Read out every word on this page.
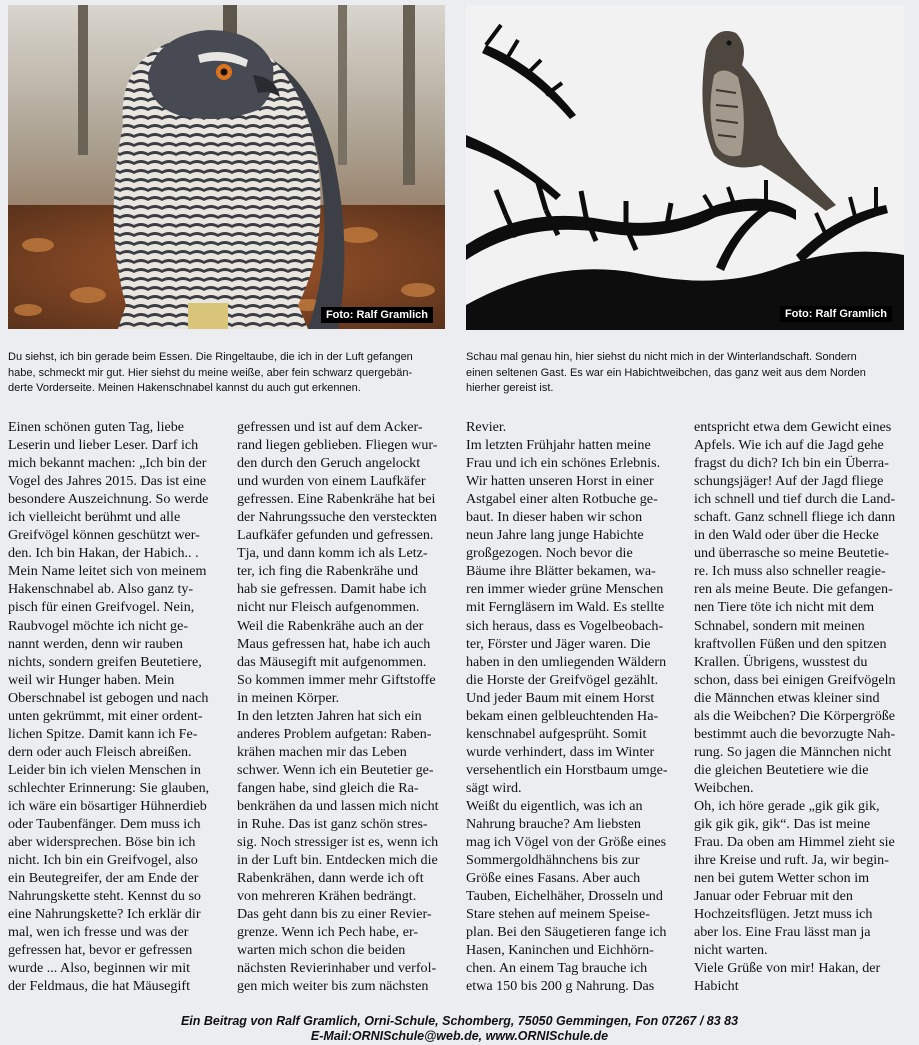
Foto: Ralf Gramlich	Foto: Ralf Gramlich
Du siehst, ich bin gerade beim Essen. Die Ringeltaube, die ich in der Luft gefangen
habe, schmeckt mir gut. Hier siehst du meine weiße, aber fein schwarz quergebän-
derte Vorderseite. Meinen Hakenschnabel kannst du auch gut erkennen.
Schau mal genau hin, hier siehst du nicht mich in der Winterlandschaft. Sondern
einen seltenen Gast. Es war ein Habichtweibchen, das ganz weit aus dem Norden
hierher gereist ist.
Einen schönen guten Tag, liebe
Leserin und lieber Leser. Darf ich
mich bekannt machen: „Ich bin der
Vogel des Jahres 2015. Das ist eine
besondere Auszeichnung. So werde
ich vielleicht berühmt und alle
Greifvögel können geschützt wer-
den. Ich bin Hakan, der Habich.. .
Mein Name leitet sich von meinem
Hakenschnabel ab. Also ganz ty-
pisch für einen Greifvogel. Nein,
Raubvogel möchte ich nicht ge-
nannt werden, denn wir rauben
nichts, sondern greifen Beutetiere,
weil wir Hunger haben. Mein
Oberschnabel ist gebogen und nach
unten gekrümmt, mit einer ordent-
lichen Spitze. Damit kann ich Fe-
dern oder auch Fleisch abreißen.
Leider bin ich vielen Menschen in
schlechter Erinnerung: Sie glauben,
ich wäre ein bösartiger Hühnerdieb
oder Taubenfänger. Dem muss ich
aber widersprechen. Böse bin ich
nicht. Ich bin ein Greifvogel, also
ein Beutegreifer, der am Ende der
Nahrungskette steht. Kennst du so
eine Nahrungskette? Ich erklär dir
mal, wen ich fresse und was der
gefressen hat, bevor er gefressen
wurde ... Also, beginnen wir mit
der Feldmaus, die hat Mäusegift
gefressen und ist auf dem Acker-
rand liegen geblieben. Fliegen wur-
den durch den Geruch angelockt
und wurden von einem Laufkäfer
gefressen. Eine Rabenkrähe hat bei
der Nahrungssuche den versteckten
Laufkäfer gefunden und gefressen.
Tja, und dann komm ich als Letz-
ter, ich fing die Rabenkrähe und
hab sie gefressen. Damit habe ich
nicht nur Fleisch aufgenommen.
Weil die Rabenkrähe auch an der
Maus gefressen hat, habe ich auch
das Mäusegift mit aufgenommen.
So kommen immer mehr Giftstoffe
in meinen Körper.
In den letzten Jahren hat sich ein
anderes Problem aufgetan: Raben-
krähen machen mir das Leben
schwer. Wenn ich ein Beutetier ge-
fangen habe, sind gleich die Ra-
benkrähen da und lassen mich nicht
in Ruhe. Das ist ganz schön stres-
sig. Noch stressiger ist es, wenn ich
in der Luft bin. Entdecken mich die
Rabenkrähen, dann werde ich oft
von mehreren Krähen bedrängt.
Das geht dann bis zu einer Revier-
grenze. Wenn ich Pech habe, er-
warten mich schon die beiden
nächsten Revierinhaber und verfol-
gen mich weiter bis zum nächsten
Revier.
Im letzten Frühjahr hatten meine
Frau und ich ein schönes Erlebnis.
Wir hatten unseren Horst in einer
Astgabel einer alten Rotbuche ge-
baut. In dieser haben wir schon
neun Jahre lang junge Habichte
großgezogen. Noch bevor die
Bäume ihre Blätter bekamen, wa-
ren immer wieder grüne Menschen
mit Ferngläsern im Wald. Es stellte
sich heraus, dass es Vogelbeobach-
ter, Förster und Jäger waren. Die
haben in den umliegenden Wäldern
die Horste der Greifvögel gezählt.
Und jeder Baum mit einem Horst
bekam einen gelbleuchtenden Ha-
kenschnabel aufgesprüht. Somit
wurde verhindert, dass im Winter
versehentlich ein Horstbaum umge-
sägt wird.
Weißt du eigentlich, was ich an
Nahrung brauche? Am liebsten
mag ich Vögel von der Größe eines
Sommergoldhähnchens bis zur
Größe eines Fasans. Aber auch
Tauben, Eichelhäher, Drosseln und
Stare stehen auf meinem Speise-
plan. Bei den Säugetieren fange ich
Hasen, Kaninchen und Eichhörn-
chen. An einem Tag brauche ich
etwa 150 bis 200 g Nahrung. Das
entspricht etwa dem Gewicht eines
Apfels. Wie ich auf die Jagd gehe
fragst du dich? Ich bin ein Überra-
schungsjäger! Auf der Jagd fliege
ich schnell und tief durch die Land-
schaft. Ganz schnell fliege ich dann
in den Wald oder über die Hecke
und überrasche so meine Beutetie-
re. Ich muss also schneller reagie-
ren als meine Beute. Die gefangen-
nen Tiere töte ich nicht mit dem
Schnabel, sondern mit meinen
kraftvollen Füßen und den spitzen
Krallen. Übrigens, wusstest du
schon, dass bei einigen Greifvögeln
die Männchen etwas kleiner sind
als die Weibchen? Die Körpergröße
bestimmt auch die bevorzugte Nah-
rung. So jagen die Männchen nicht
die gleichen Beutetiere wie die
Weibchen.
Oh, ich höre gerade „gik gik gik,
gik gik gik, gik“. Das ist meine
Frau. Da oben am Himmel zieht sie
ihre Kreise und ruft. Ja, wir begin-
nen bei gutem Wetter schon im
Januar oder Februar mit den
Hochzeitsflügen. Jetzt muss ich
aber los. Eine Frau lässt man ja
nicht warten.
Viele Grüße von mir! Hakan, der
Habicht
Ein Beitrag von Ralf Gramlich, Orni-Schule, Schomberg, 75050 Gemmingen, Fon 07267 / 83 83
E-Mail:ORNISchule@web.de, www.ORNISchule.de
